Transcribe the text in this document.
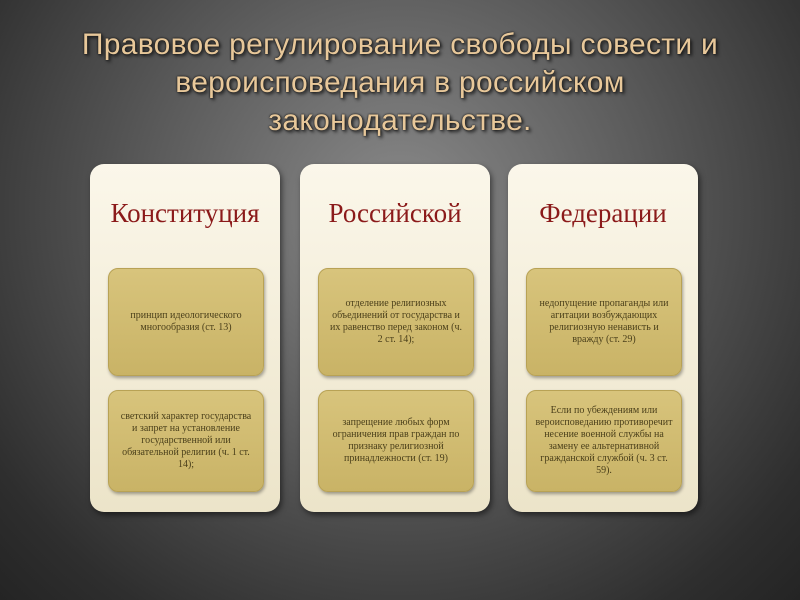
Правовое регулирование свободы совести и вероисповедания в российском законодательстве.
Конституция
принцип идеологического многообразия (ст. 13)
светский характер государства и запрет на установление государственной или обязательной религии (ч. 1 ст. 14);
Российской
отделение религиозных объединений от государства и их равенство перед законом (ч. 2 ст. 14);
запрещение любых форм ограничения прав граждан по признаку религиозной принадлежности (ст. 19)
Федерации
недопущение пропаганды или агитации возбуждающих религиозную ненависть и вражду (ст. 29)
Если по убеждениям или вероисповеданию противоречит несение военной службы на замену ее альтернативной гражданской службой (ч. 3 ст. 59).
